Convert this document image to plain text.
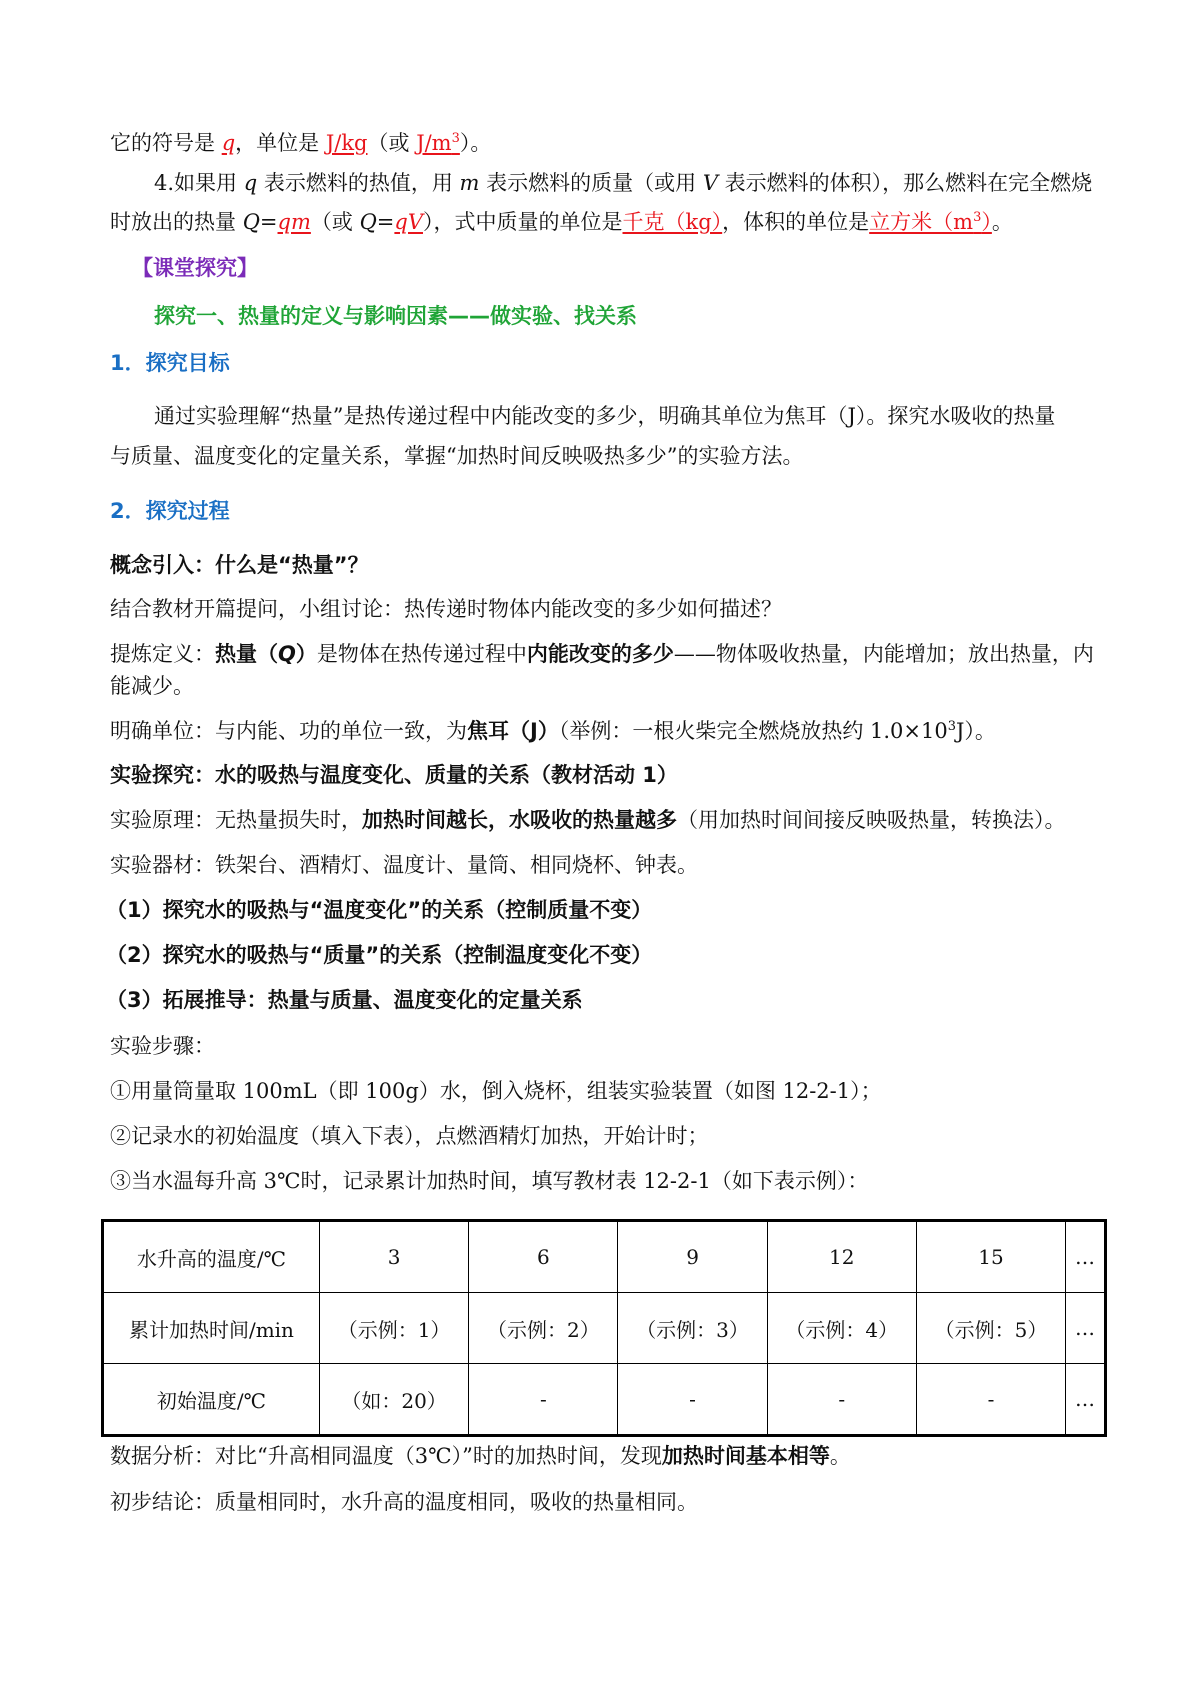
它的符号是 q，单位是 J/kg（或 $J/m^3$）。
4.如果用 q 表示燃料的热值，用 m 表示燃料的质量（或用 V 表示燃料的体积），那么燃料在完全燃烧
时放出的热量 Q=qm（或 Q=qV），式中质量的单位是千克（kg），体积的单位是立方米$(m^3)$。
【课堂探究】
探究一、热量的定义与影响因素——做实验、找关系
1．探究目标
通过实验理解“热量”是热传递过程中内能改变的多少，明确其单位为焦耳（J）。探究水吸收的热量
与质量、温度变化的定量关系，掌握“加热时间反映吸热多少”的实验方法。
2．探究过程
概念引入：什么是“热量”？
结合教材开篇提问，小组讨论：热传递时物体内能改变的多少如何描述？
提炼定义：热量（Q）是物体在热传递过程中内能改变的多少——物体吸收热量，内能增加；放出热量，内
能减少。
明确单位：与内能、功的单位一致，为焦耳（J）（举例：一根火柴完全燃烧放热约 $1.0\times 10^3J$）。
实验探究：水的吸热与温度变化、质量的关系（教材活动 1）
实验原理：无热量损失时，加热时间越长，水吸收的热量越多（用加热时间间接反映吸热量，转换法）。
实验器材：铁架台、酒精灯、温度计、量筒、相同烧杯、钟表。
（1）探究水的吸热与“温度变化”的关系（控制质量不变）
（2）探究水的吸热与“质量”的关系（控制温度变化不变）
（3）拓展推导：热量与质量、温度变化的定量关系
实验步骤：
①用量筒量取 100mL（即 100g）水，倒入烧杯，组装实验装置（如图 12-2-1）；
②记录水的初始温度（填入下表），点燃酒精灯加热，开始计时；
③当水温每升高 3℃时，记录累计加热时间，填写教材表 12-2-1（如下表示例）：
水升高的温度/℃	3	6	9	12	15	…
累计加热时间/min	（示例：1）	（示例：2）	（示例：3）	（示例：4）	（示例：5）	…
初始温度/℃	（如：20）	-	-	-	-	…
数据分析：对比“升高相同温度（3℃）”时的加热时间，发现加热时间基本相等。
初步结论：质量相同时，水升高的温度相同，吸收的热量相同。
